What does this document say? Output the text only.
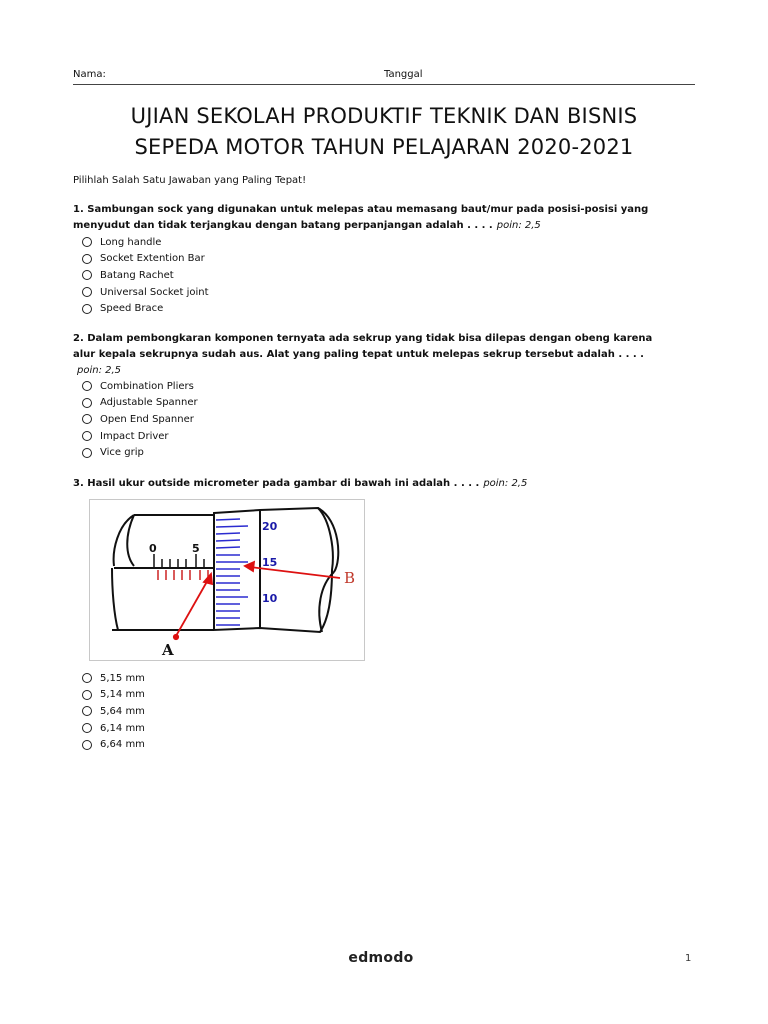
Nama:	Tanggal
UJIAN SEKOLAH PRODUKTIF TEKNIK DAN BISNIS
SEPEDA MOTOR TAHUN PELAJARAN 2020-2021
Pilihlah Salah Satu Jawaban yang Paling Tepat!
1. Sambungan sock yang digunakan untuk melepas atau memasang baut/mur pada posisi-posisi yang
menyudut dan tidak terjangkau dengan batang perpanjangan adalah . . . . poin: 2,5
Long handle
Socket Extention Bar
Batang Rachet
Universal Socket joint
Speed Brace
2. Dalam pembongkaran komponen ternyata ada sekrup yang tidak bisa dilepas dengan obeng karena
alur kepala sekrupnya sudah aus. Alat yang paling tepat untuk melepas sekrup tersebut adalah . . . .
poin: 2,5
Combination Pliers
Adjustable Spanner
Open End Spanner
Impact Driver
Vice grip
3. Hasil ukur outside micrometer pada gambar di bawah ini adalah . . . . poin: 2,5
0	5
20
15
10
A
B
5,15 mm
5,14 mm
5,64 mm
6,14 mm
6,64 mm
edmodo	1
